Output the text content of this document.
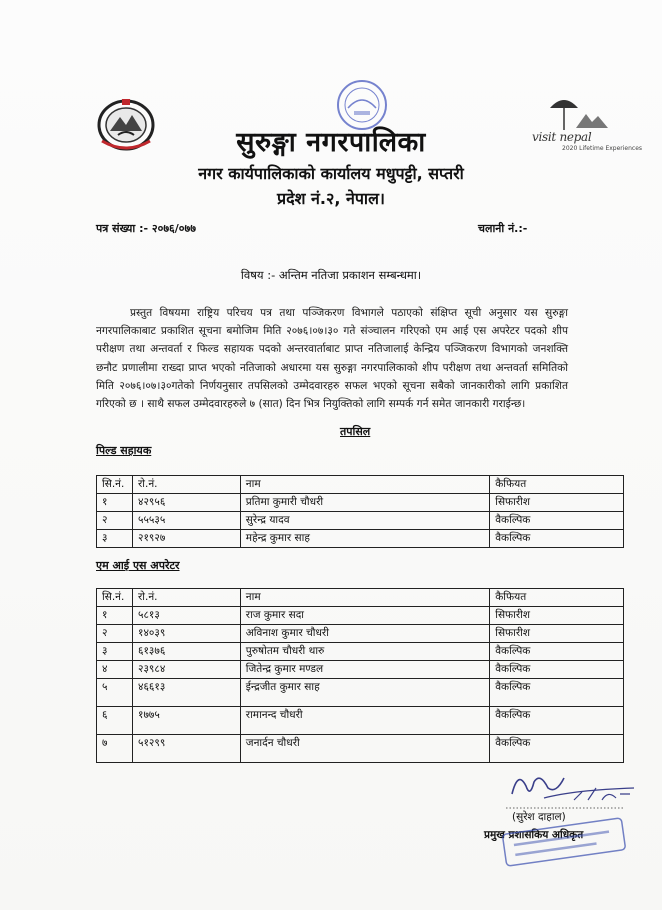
visit nepal
2020 Lifetime Experiences
सुरुङ्गा नगरपालिका
नगर कार्यपालिकाको कार्यालय मधुपट्टी, सप्तरी
प्रदेश नं.२, नेपाल।
पत्र संख्या :- २०७६/०७७	चलानी नं.:-
विषय :- अन्तिम नतिजा प्रकाशन सम्बन्धमा।

प्रस्तुत विषयमा राष्ट्रिय परिचय पत्र तथा पञ्जिकरण विभागले पठाएको संक्षिप्त सूची अनुसार यस सुरुङ्गा नगरपालिकाबाट प्रकाशित सूचना बमोजिम मिति २०७६।०७।३० गते संञ्चालन गरिएको एम आई एस अपरेटर पदको शीप परीक्षण तथा अन्तवर्ता र फिल्ड सहायक पदको अन्तरवार्ताबाट प्राप्त नतिजालाई केन्द्रिय पञ्जिकरण विभागको जनशक्ति छनौट प्रणालीमा राख्दा प्राप्त भएको नतिजाको अधारमा यस सुरुङ्गा नगरपालिकाको शीप परीक्षण तथा अन्तवर्ता समितिको मिति २०७६।०७।३०गतेको निर्णयनुसार तपसिलको उम्मेदवारहरु सफल भएको सूचना सबैको जानकारीको लागि प्रकाशित गरिएको छ । साथै सफल उम्मेदवारहरुले ७ (सात) दिन भित्र नियुक्तिको लागि सम्पर्क गर्न समेत जानकारी गराईन्छ।

तपसिल
पिल्ड सहायक
सि.नं.	रो.नं.	नाम	कैफियत
१	४२९५६	प्रतिमा कुमारी चौधरी	सिफारीश
२	५५५३५	सुरेन्द्र यादव	वैकल्पिक
३	२१९२७	महेन्द्र कुमार साह	वैकल्पिक
एम आई एस अपरेटर
सि.नं.	रो.नं.	नाम	कैफियत
१	५८१३	राज कुमार सदा	सिफारीश
२	१४०३९	अविनाश कुमार चौधरी	सिफारीश
३	६१३७६	पुरुषोतम चौधरी थारु	वैकल्पिक
४	२३९८४	जितेन्द्र कुमार मण्डल	वैकल्पिक
५	४६६१३	ईन्द्रजीत कुमार साह	वैकल्पिक
६	१७७५	रामानन्द चौधरी	वैकल्पिक
७	५१२९९	जनार्दन चौधरी	वैकल्पिक
(सुरेश दाहाल)
प्रमुख प्रशासकिय अधिकृत
